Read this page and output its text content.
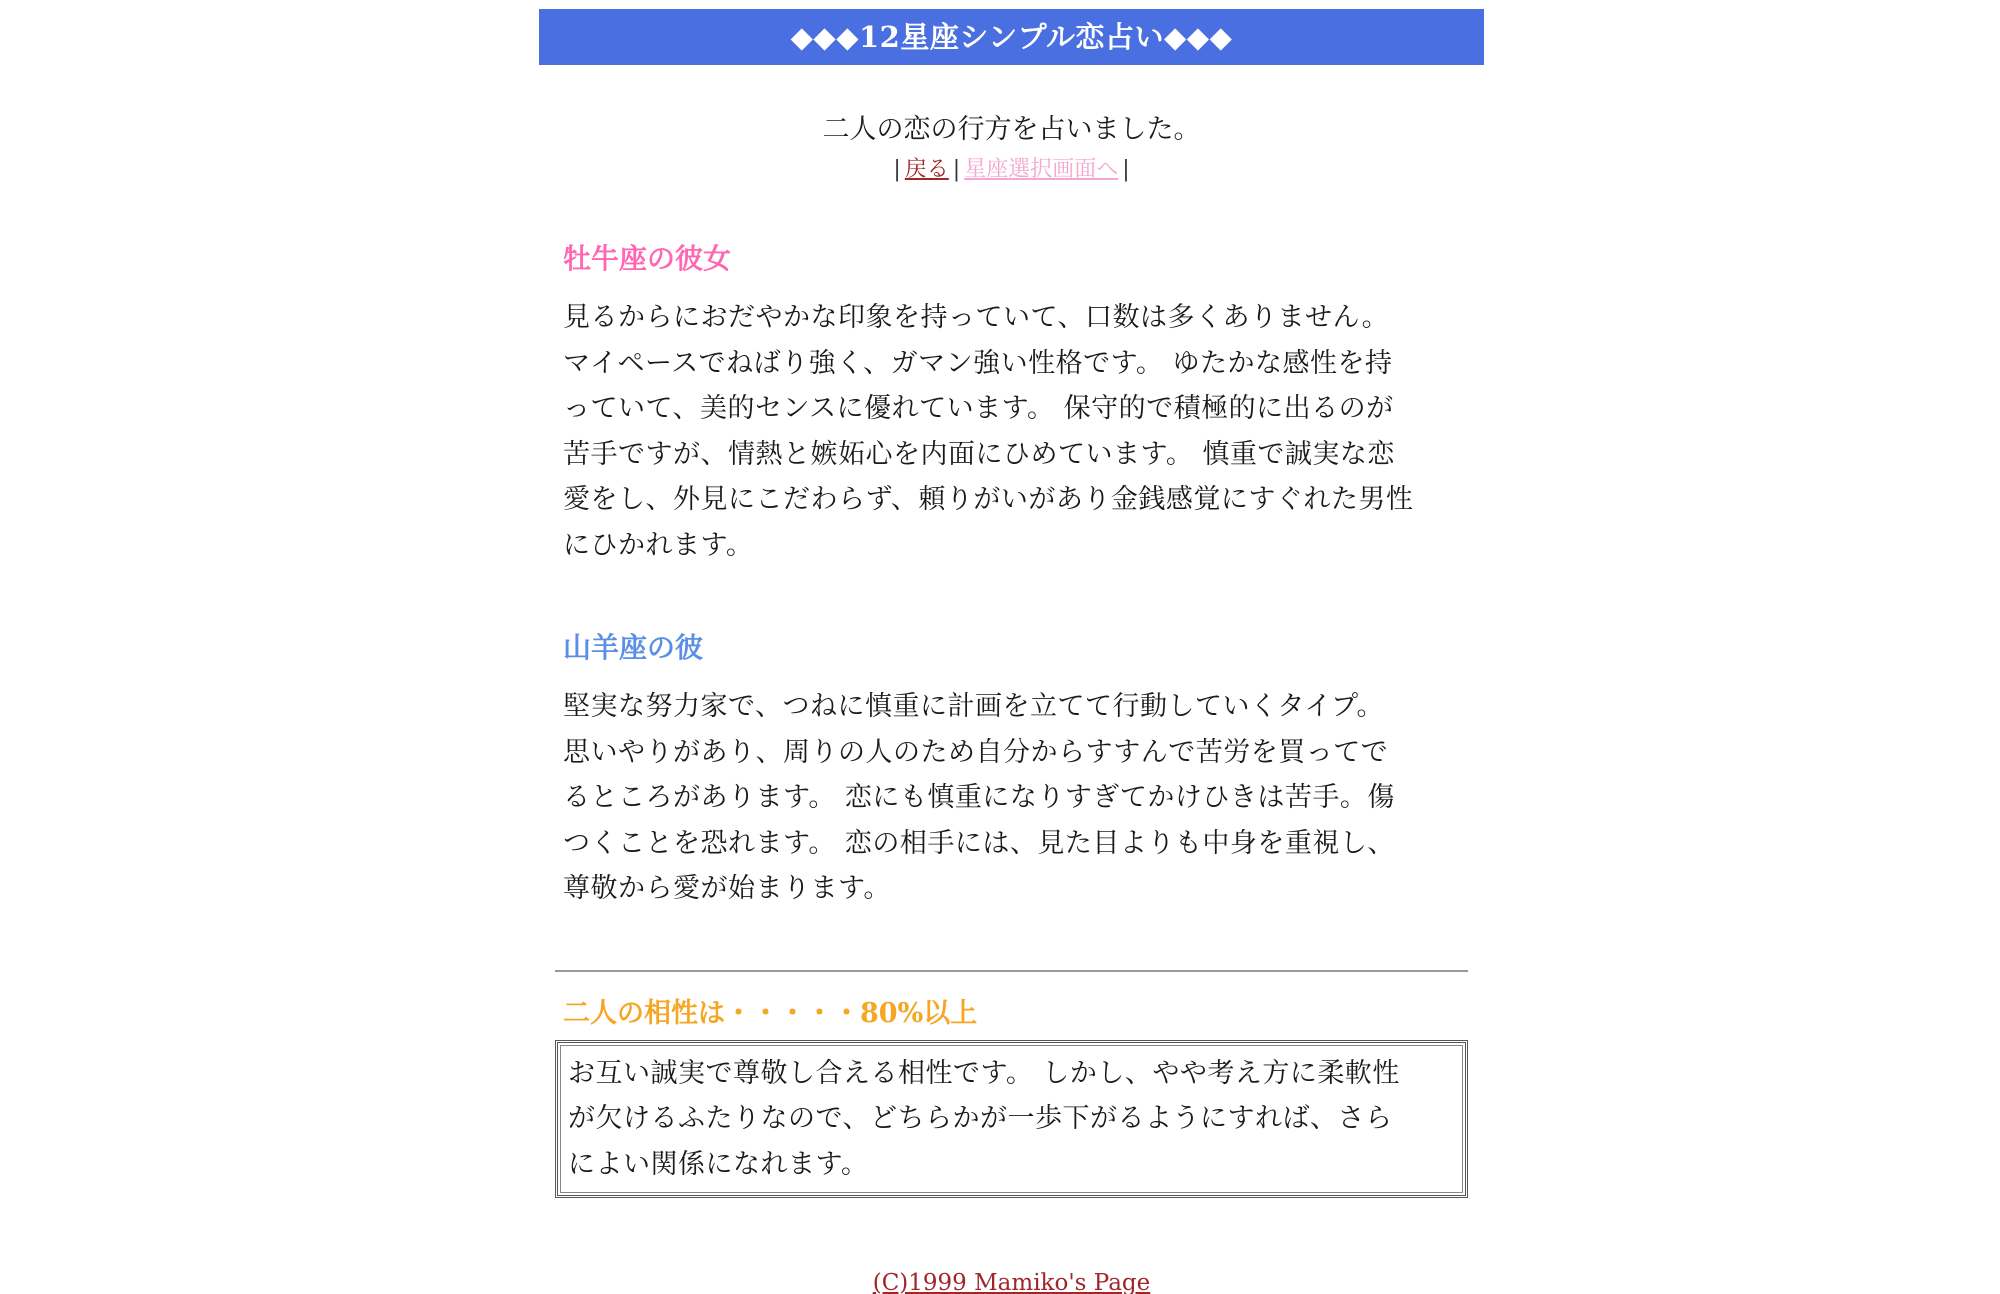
◆◆◆12星座シンプル恋占い◆◆◆
二人の恋の行方を占いました。
| 戻る | 星座選択画面へ |
牡牛座の彼女
見るからにおだやかな印象を持っていて、口数は多くありません。
マイペースでねばり強く、ガマン強い性格です。 ゆたかな感性を持
っていて、美的センスに優れています。 保守的で積極的に出るのが
苦手ですが、情熱と嫉妬心を内面にひめています。 慎重で誠実な恋
愛をし、外見にこだわらず、頼りがいがあり金銭感覚にすぐれた男性
にひかれます。
山羊座の彼
堅実な努力家で、つねに慎重に計画を立てて行動していくタイプ。
思いやりがあり、周りの人のため自分からすすんで苦労を買ってで
るところがあります。 恋にも慎重になりすぎてかけひきは苦手。傷
つくことを恐れます。 恋の相手には、見た目よりも中身を重視し、
尊敬から愛が始まります。
二人の相性は・・・・・80%以上
お互い誠実で尊敬し合える相性です。 しかし、やや考え方に柔軟性
が欠けるふたりなので、どちらかが一歩下がるようにすれば、さら
によい関係になれます。
(C)1999 Mamiko's Page
